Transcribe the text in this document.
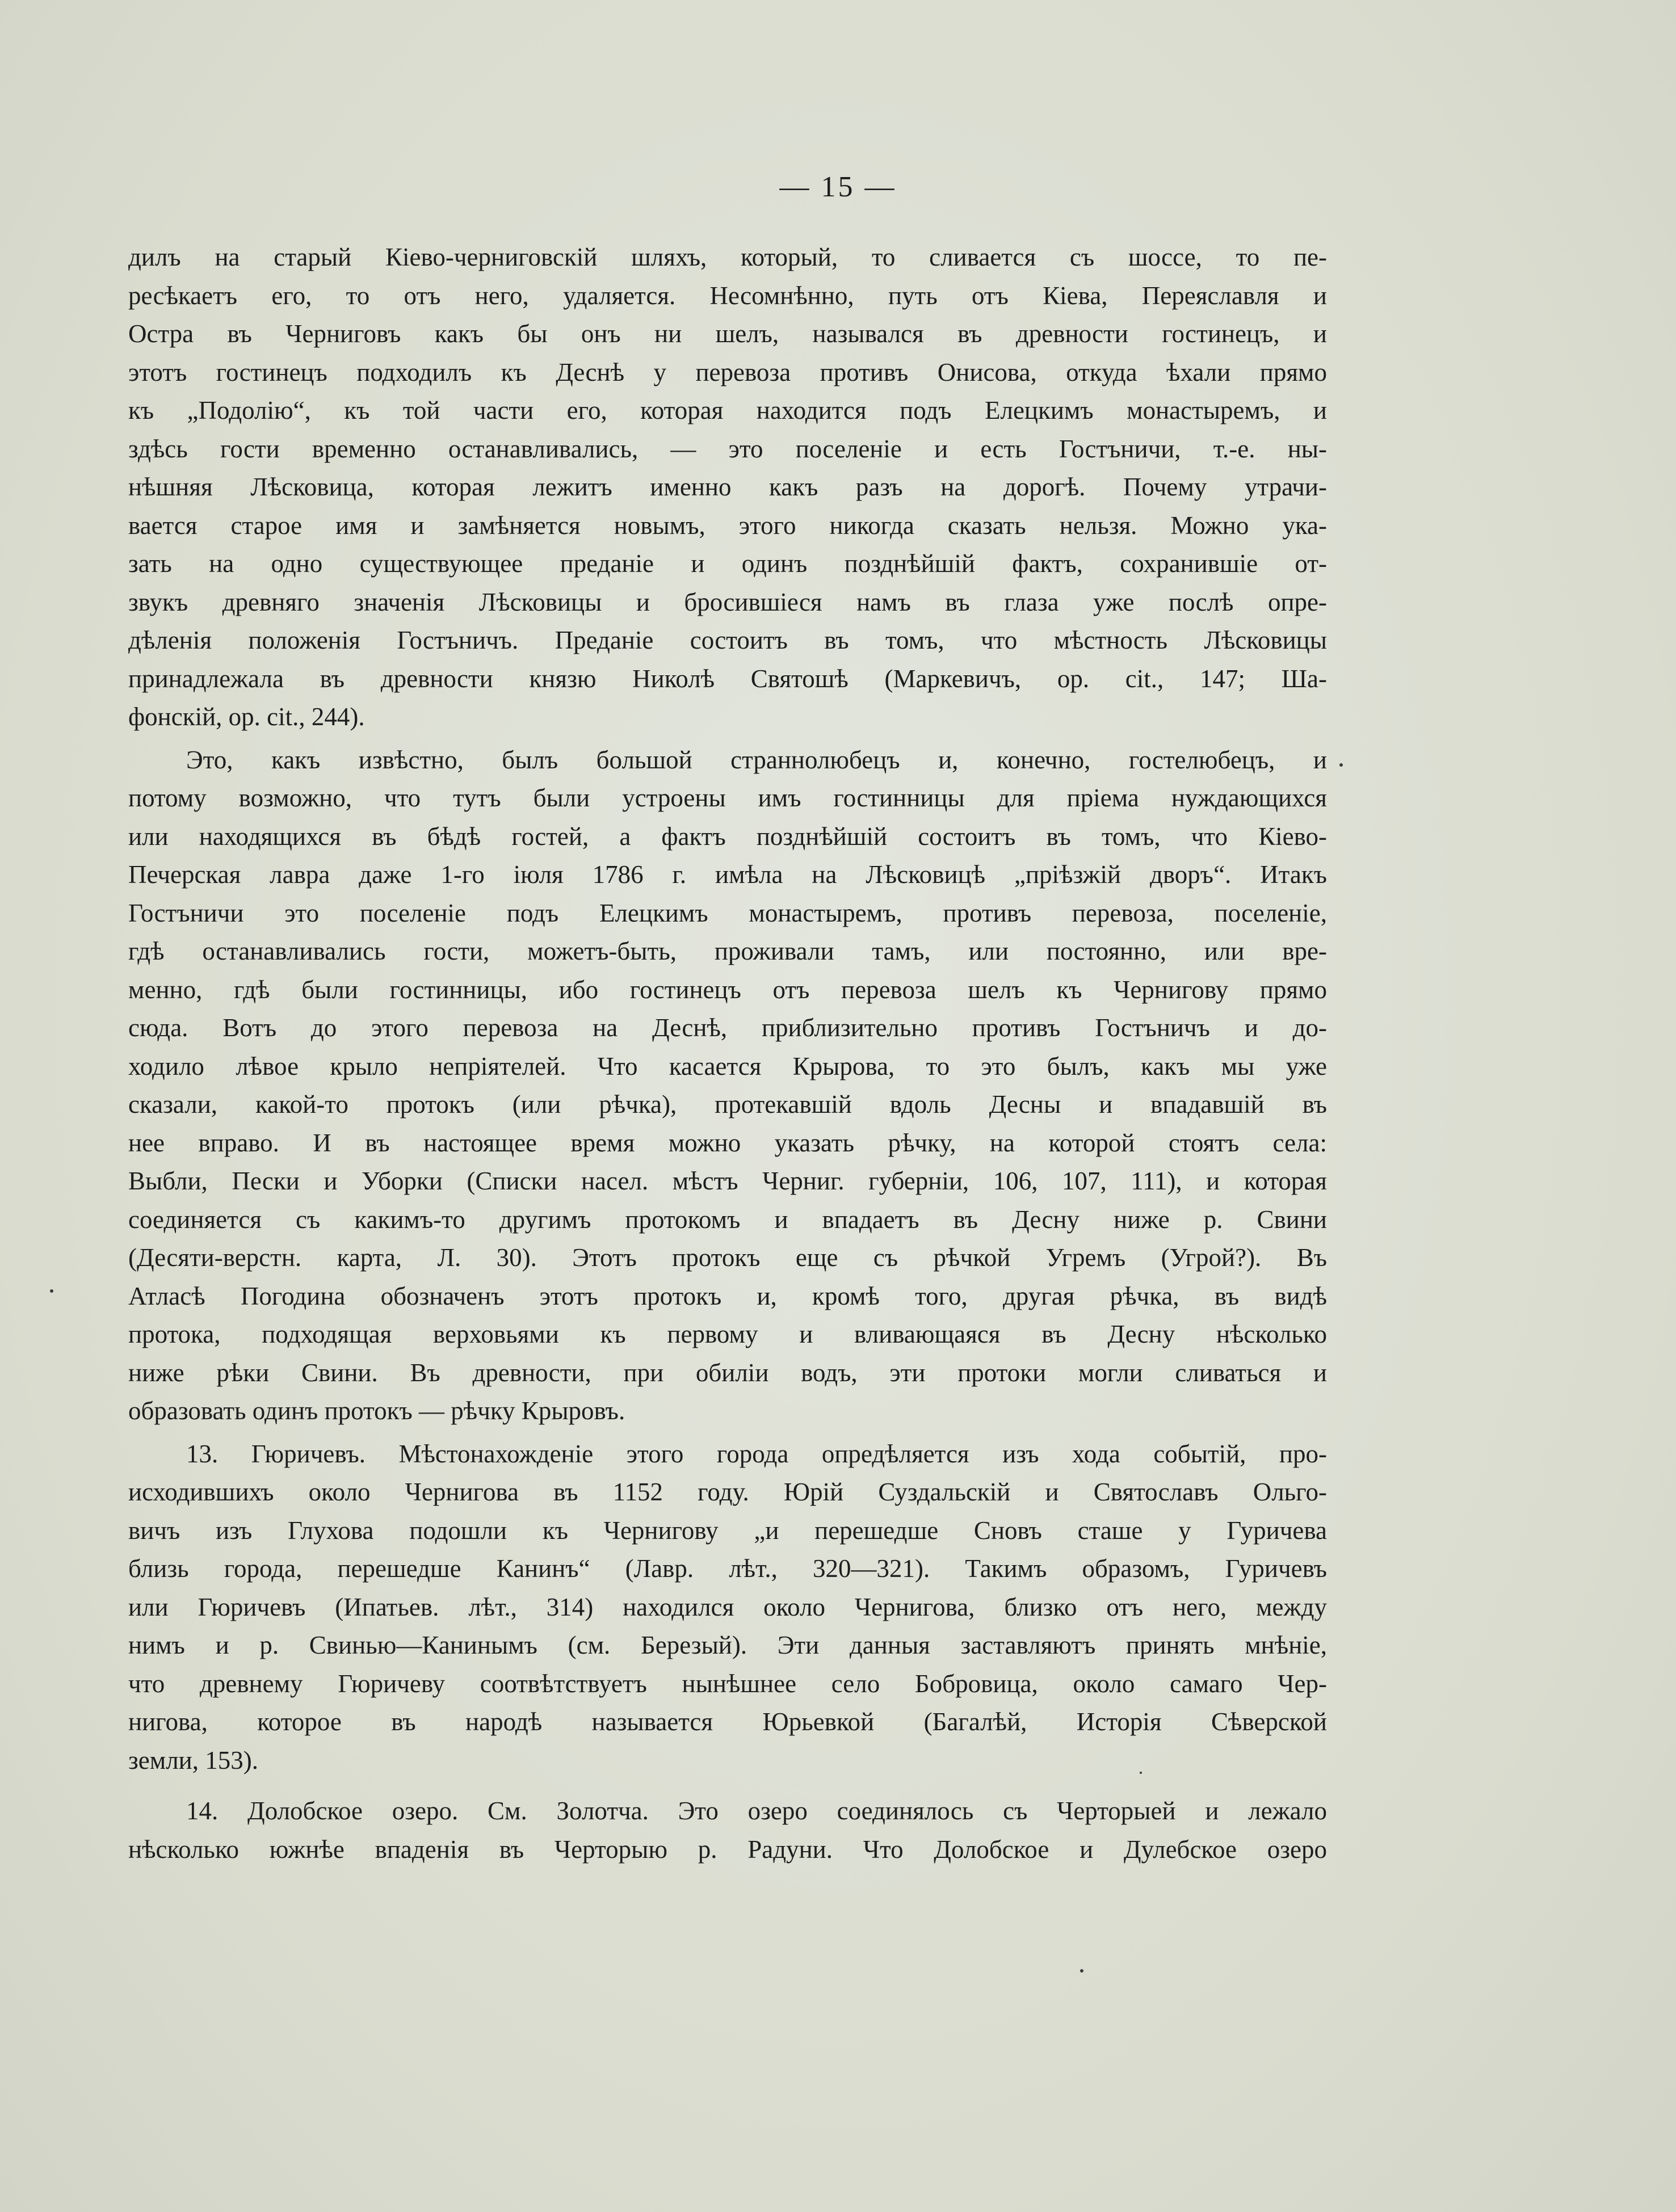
— 15 —
дилъ на старый Кіево-черниговскій шляхъ, который, то сливается съ шоссе, то пе-
ресѣкаетъ его, то отъ него, удаляется. Несомнѣнно, путь отъ Кіева, Переяславля и
Остра въ Черниговъ какъ бы онъ ни шелъ, назывался въ древности гостинецъ, и
этотъ гостинецъ подходилъ къ Деснѣ у перевоза противъ Онисова, откуда ѣхали прямо
къ „Подолію“, къ той части его, которая находится подъ Елецкимъ монастыремъ, и
здѣсь гости временно останавливались, — это поселеніе и есть Гостъничи, т.-е. ны-
нѣшняя Лѣсковица, которая лежитъ именно какъ разъ на дорогѣ. Почему утрачи-
вается старое имя и замѣняется новымъ, этого никогда сказать нельзя. Можно ука-
зать на одно существующее преданіе и одинъ позднѣйшій фактъ, сохранившіе от-
звукъ древняго значенія Лѣсковицы и бросившіеся намъ въ глаза уже послѣ опре-
дѣленія положенія Гостъничъ. Преданіе состоитъ въ томъ, что мѣстность Лѣсковицы
принадлежала въ древности князю Николѣ Святошѣ (Маркевичъ, op. cit., 147; Ша-
фонскій, op. cit., 244).
Это, какъ извѣстно, былъ большой страннолюбецъ и, конечно, гостелюбецъ, и
потому возможно, что тутъ были устроены имъ гостинницы для пріема нуждающихся
или находящихся въ бѣдѣ гостей, а фактъ позднѣйшій состоитъ въ томъ, что Кіево-
Печерская лавра даже 1-го іюля 1786 г. имѣла на Лѣсковицѣ „пріѣзжій дворъ“. Итакъ
Гостъничи это поселеніе подъ Елецкимъ монастыремъ, противъ перевоза, поселеніе,
гдѣ останавливались гости, можетъ-быть, проживали тамъ, или постоянно, или вре-
менно, гдѣ были гостинницы, ибо гостинецъ отъ перевоза шелъ къ Чернигову прямо
сюда. Вотъ до этого перевоза на Деснѣ, приблизительно противъ Гостъничъ и до-
ходило лѣвое крыло непріятелей. Что касается Крырова, то это былъ, какъ мы уже
сказали, какой-то протокъ (или рѣчка), протекавшій вдоль Десны и впадавшій въ
нее вправо. И въ настоящее время можно указать рѣчку, на которой стоятъ села:
Выбли, Пески и Уборки (Списки насел. мѣстъ Черниг. губерніи, 106, 107, 111), и которая
соединяется съ какимъ-то другимъ протокомъ и впадаетъ въ Десну ниже р. Свини
(Десяти-верстн. карта, Л. 30). Этотъ протокъ еще съ рѣчкой Угремъ (Угрой?). Въ
Атласѣ Погодина обозначенъ этотъ протокъ и, кромѣ того, другая рѣчка, въ видѣ
протока, подходящая верховьями къ первому и вливающаяся въ Десну нѣсколько
ниже рѣки Свини. Въ древности, при обиліи водъ, эти протоки могли сливаться и
образовать одинъ протокъ — рѣчку Крыровъ.
13. Гюричевъ. Мѣстонахожденіе этого города опредѣляется изъ хода событій, про-
исходившихъ около Чернигова въ 1152 году. Юрій Суздальскій и Святославъ Ольго-
вичъ изъ Глухова подошли къ Чернигову „и перешедше Сновъ сташе у Гуричева
близь города, перешедше Канинъ“ (Лавр. лѣт., 320—321). Такимъ образомъ, Гуричевъ
или Гюричевъ (Ипатьев. лѣт., 314) находился около Чернигова, близко отъ него, между
нимъ и р. Свинью—Канинымъ (см. Березый). Эти данныя заставляютъ принять мнѣніе,
что древнему Гюричеву соотвѣтствуетъ нынѣшнее село Бобровица, около самаго Чер-
нигова, которое въ народѣ называется Юрьевкой (Багалѣй, Исторія Сѣверской
земли, 153).
14. Долобское озеро. См. Золотча. Это озеро соединялось съ Черторыей и лежало
нѣсколько южнѣе впаденія въ Черторыю р. Радуни. Что Долобское и Дулебское озеро
